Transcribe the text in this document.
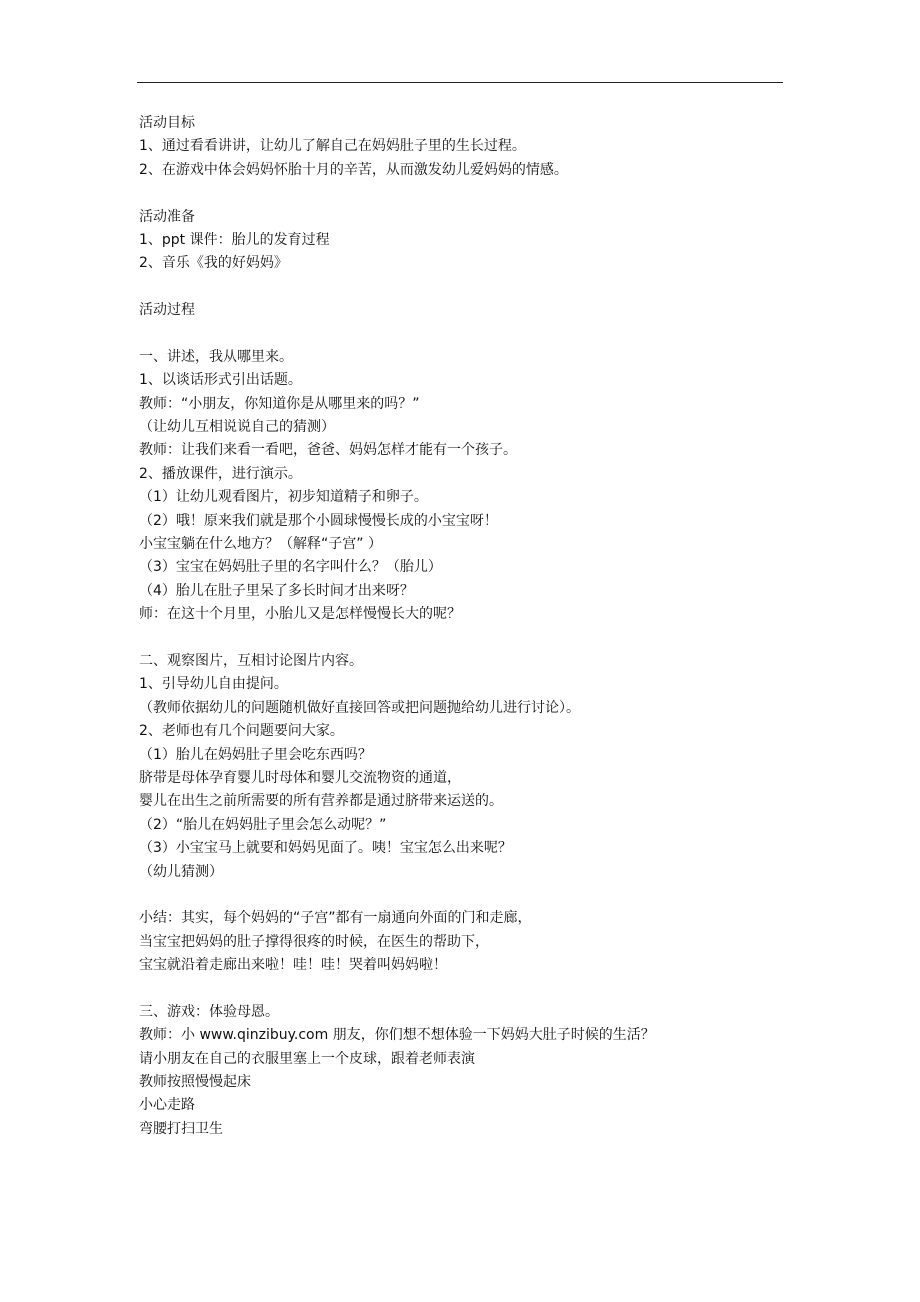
活动目标
1、通过看看讲讲，让幼儿了解自己在妈妈肚子里的生长过程。
2、在游戏中体会妈妈怀胎十月的辛苦，从而激发幼儿爱妈妈的情感。
活动准备
1、ppt 课件：胎儿的发育过程
2、音乐《我的好妈妈》
活动过程
一、讲述，我从哪里来。
1、以谈话形式引出话题。
教师：“小朋友，你知道你是从哪里来的吗？”
（让幼儿互相说说自己的猜测）
教师：让我们来看一看吧，爸爸、妈妈怎样才能有一个孩子。
2、播放课件，进行演示。
（1）让幼儿观看图片，初步知道精子和卵子。
（2）哦！原来我们就是那个小圆球慢慢长成的小宝宝呀！
小宝宝躺在什么地方？（解释“子宫” ）
（3）宝宝在妈妈肚子里的名字叫什么？（胎儿）
（4）胎儿在肚子里呆了多长时间才出来呀？
师：在这十个月里，小胎儿又是怎样慢慢长大的呢？
二、观察图片，互相讨论图片内容。
1、引导幼儿自由提问。
（教师依据幼儿的问题随机做好直接回答或把问题抛给幼儿进行讨论）。
2、老师也有几个问题要问大家。
（1）胎儿在妈妈肚子里会吃东西吗？
脐带是母体孕育婴儿时母体和婴儿交流物资的通道，
婴儿在出生之前所需要的所有营养都是通过脐带来运送的。
（2）“胎儿在妈妈肚子里会怎么动呢？”
（3）小宝宝马上就要和妈妈见面了。咦！宝宝怎么出来呢？
（幼儿猜测）
小结：其实，每个妈妈的“子宫”都有一扇通向外面的门和走廊，
当宝宝把妈妈的肚子撑得很疼的时候，在医生的帮助下，
宝宝就沿着走廊出来啦！哇！哇！哭着叫妈妈啦！
三、游戏：体验母恩。
教师：小 www.qinzibuy.com 朋友，你们想不想体验一下妈妈大肚子时候的生活？
请小朋友在自己的衣服里塞上一个皮球，跟着老师表演
教师按照慢慢起床
小心走路
弯腰打扫卫生
